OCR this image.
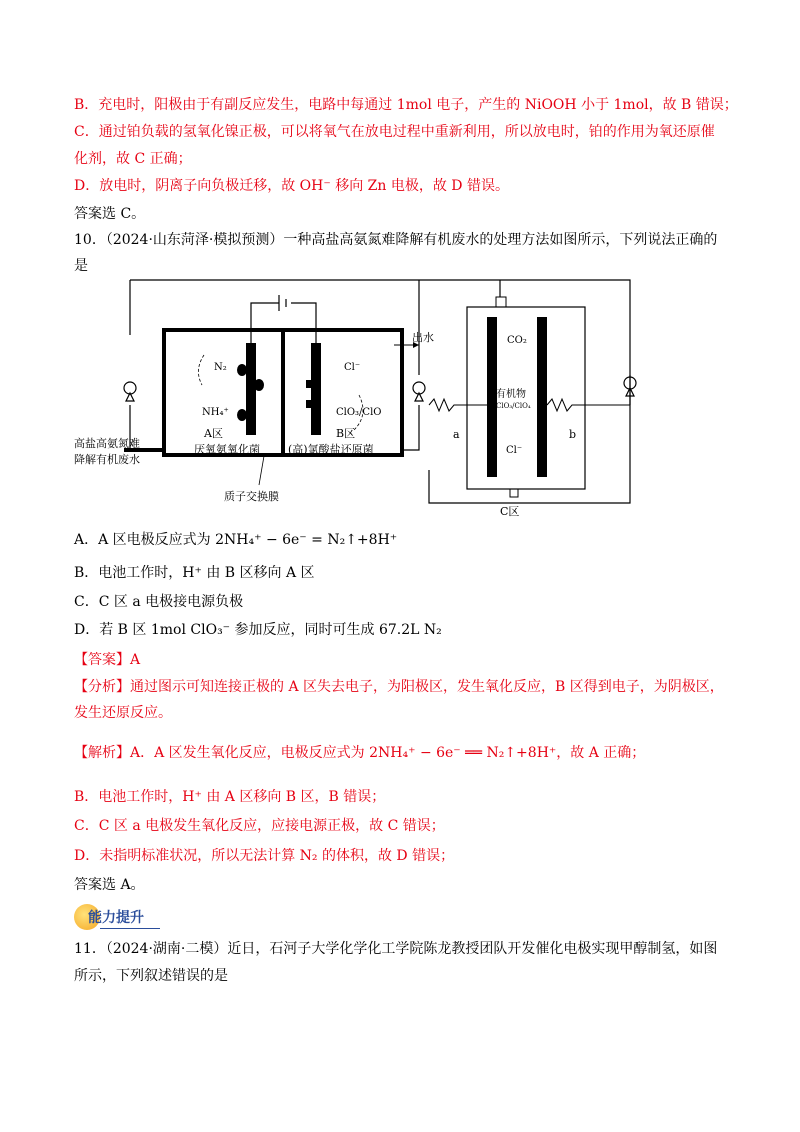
B．充电时，阳极由于有副反应发生，电路中每通过 1mol 电子，产生的 NiOOH 小于 1mol，故 B 错误；
C．通过铂负载的氢氧化镍正极，可以将氧气在放电过程中重新利用，所以放电时，铂的作用为氧还原催
化剂，故 C 正确；
D．放电时，阴离子向负极迁移，故 OH⁻ 移向 Zn 电极，故 D 错误。
答案选 C。
10．（2024·山东菏泽·模拟预测）一种高盐高氨氮难降解有机废水的处理方法如图所示，下列说法正确的
是
出水
N₂
NH₄⁺
A区
Cl⁻
ClO₃/ClO
B区
厌氧氨氧化菌	(高)氯酸盐还原菌
高盐高氨氮难
降解有机废水
质子交换膜
CO₂
有机物
ClO₃/ClO₄
Cl⁻
a	b
C区
A．A 区电极反应式为 2NH₄⁺ − 6e⁻ = N₂↑+8H⁺
B．电池工作时，H⁺ 由 B 区移向 A 区
C．C 区 a 电极接电源负极
D．若 B 区 1mol ClO₃⁻ 参加反应，同时可生成 67.2L N₂
【答案】A
【分析】通过图示可知连接正极的 A 区失去电子，为阳极区，发生氧化反应，B 区得到电子，为阴极区，
发生还原反应。
【解析】A．A 区发生氧化反应，电极反应式为 2NH₄⁺ − 6e⁻ ══ N₂↑+8H⁺，故 A 正确；
B．电池工作时，H⁺ 由 A 区移向 B 区，B 错误；
C．C 区 a 电极发生氧化反应，应接电源正极，故 C 错误；
D．未指明标准状况，所以无法计算 N₂ 的体积，故 D 错误；
答案选 A。
能力提升
11．（2024·湖南·二模）近日，石河子大学化学化工学院陈龙教授团队开发催化电极实现甲醇制氢，如图
所示，下列叙述错误的是
